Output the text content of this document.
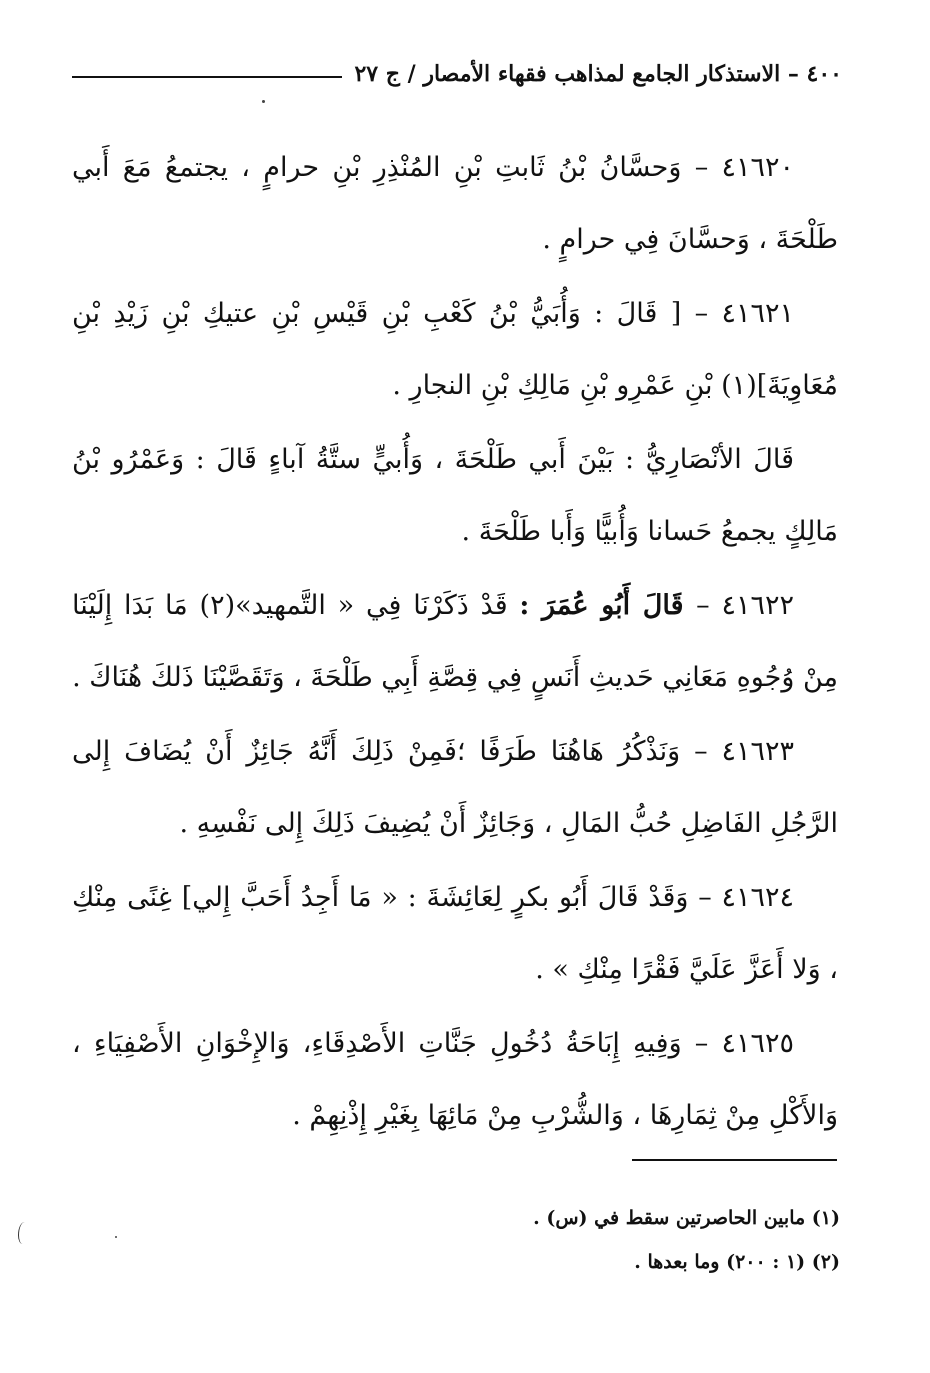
٤٠٠ – الاستذكار الجامع لمذاهب فقهاء الأمصار / ج ٢٧

٤١٦٢٠ – وَحسَّانُ بْنُ ثَابتِ بْنِ المُنْذِرِ بْنِ حرامٍ ، يجتمعُ مَعَ أَبي طَلْحَةَ ، وَحسَّانَ فِي حرامٍ .

٤١٦٢١ – [ قَالَ : وَأُبَيُّ بْنُ كَعْبِ بْنِ قَيْسِ بْنِ عتيكِ بْنِ زَيْدِ بْنِ مُعَاوِيَةَ](١) بْنِ عَمْرِو بْنِ مَالِكِ بْنِ النجارِ .

قَالَ الأنْصَارِيُّ : بَيْنَ أَبي طَلْحَةَ ، وَأُبيٍّ ستَّةُ آباءٍ قَالَ : وَعَمْرُو بْنُ مَالِكٍ يجمعُ حَسانا وَأُبيًّا وَأَبا طَلْحَةَ .

٤١٦٢٢ – قَالَ أَبُو عُمَرَ : قَدْ ذَكَرْنَا فِي « التَّمهيد»(٢) مَا بَدَا إِلَيْنَا مِنْ وُجُوهِ مَعَانِي حَديثِ أَنَسٍ فِي قِصَّةِ أَبِي طَلْحَةَ ، وَتَقَصَّيْنَا ذَلكَ هُنَاكَ .

٤١٦٢٣ – وَنَذْكُرُ هَاهُنَا طَرَفًا ؛فَمِنْ ذَلِكَ أَنَّهُ جَائِزٌ أَنْ يُضَافَ إِلى الرَّجُلِ الفَاضِلِ حُبُّ المَالِ ، وَجَائِزٌ أَنْ يُضِيفَ ذَلِكَ إِلى نَفْسِهِ .

٤١٦٢٤ – وَقَدْ قَالَ أَبُو بكرٍ لِعَائِشَةَ : « مَا أَجِدُ أَحَبَّ إِلي] غِنًى مِنْكِ ، وَلا أَعَزَّ عَلَيَّ فَقْرًا مِنْكِ » .

٤١٦٢٥ – وَفِيهِ إِبَاحَةُ دُخُولِ جَنَّاتِ الأَصْدِقَاءِ، وَالإِخْوَانِ الأَصْفِيَاءِ ، وَالأَكْلِ مِنْ ثِمَارِهَا ، وَالشُّرْبِ مِنْ مَائِهَا بِغَيْرِ إِذْنِهِمْ .

(١) مابين الحاصرتين سقط في (س) .
(٢) (١ : ٢٠٠) وما بعدها .
